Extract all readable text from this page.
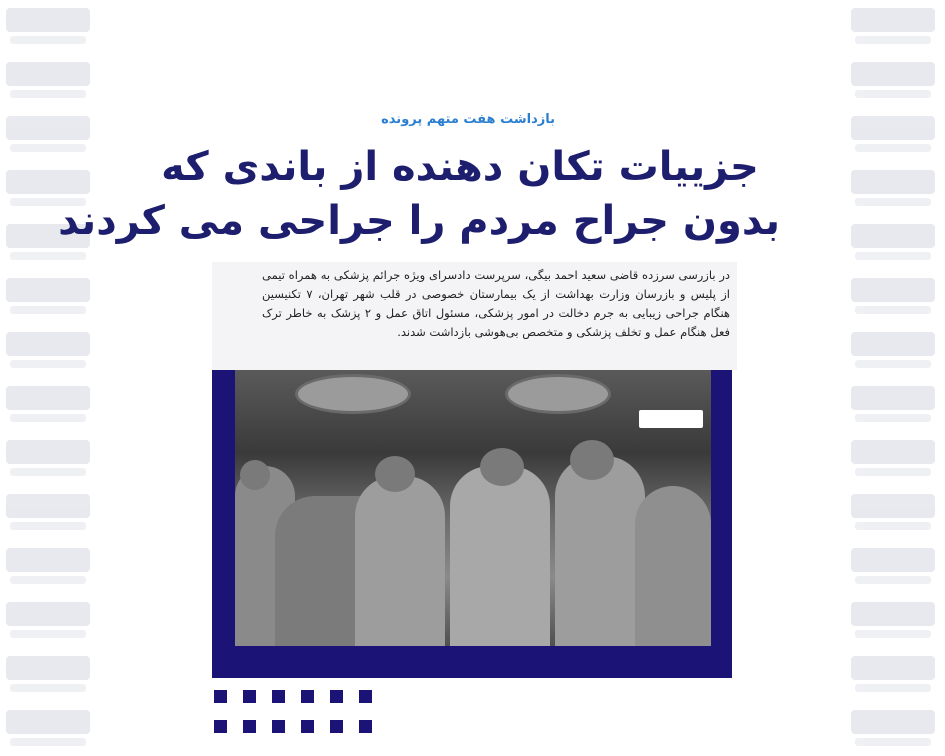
بازداشت هفت متهم پرونده
جزییات تکان دهنده از باندی که
بدون جراح مردم را جراحی می کردند
در بازرسی سرزده قاضی سعید احمد بیگی، سرپرست دادسرای ویژه جرائم پزشکی به همراه تیمی از پلیس و بازرسان وزارت بهداشت از یک بیمارستان خصوصی در قلب شهر تهران، ۷ تکنیسین هنگام جراحی زیبایی به جرم دخالت در امور پزشکی، مسئول اتاق عمل و ۲ پزشک به خاطر ترک فعل هنگام عمل و تخلف پزشکی و متخصص بی‌هوشی بازداشت شدند.
